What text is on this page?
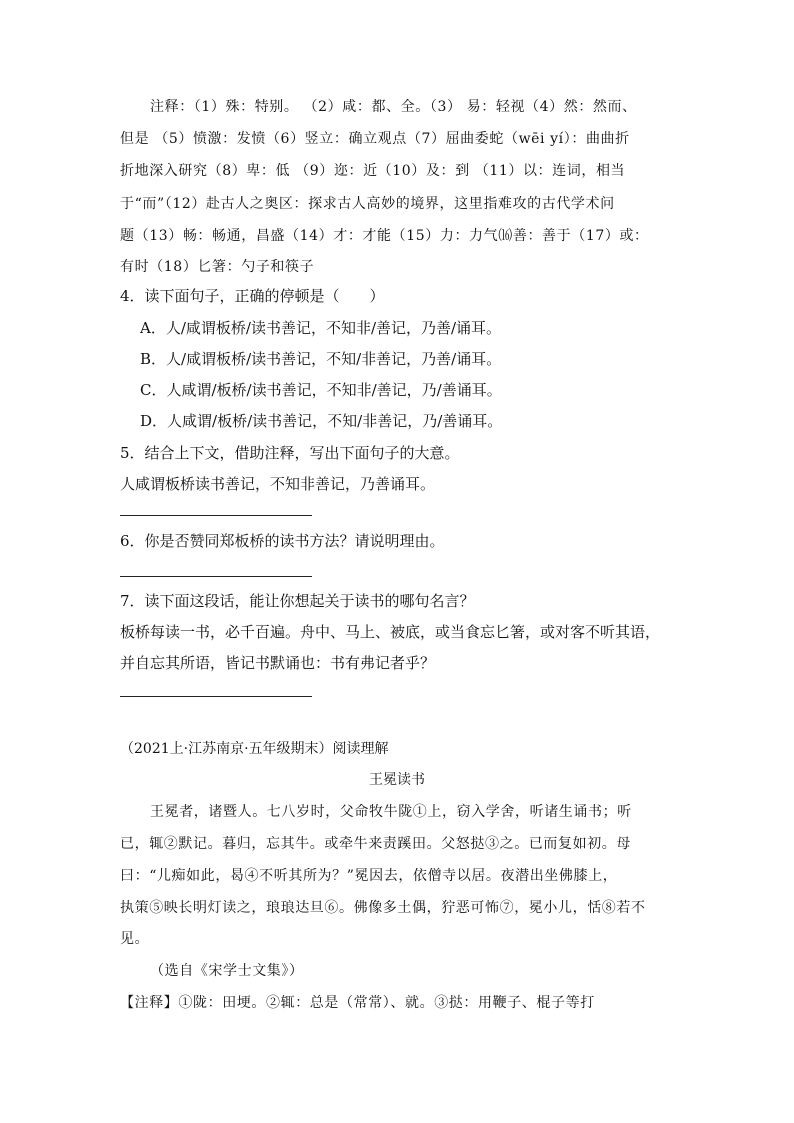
注释：（1）殊：特别。 （2）咸：都、全。（3） 易：轻视（4）然：然而、
但是 （5）愤激：发愤（6）竖立：确立观点（7）屈曲委蛇（wēi yí）：曲曲折
折地深入研究（8）卑：低 （9）迩：近（10）及：到 （11）以：连词，相当
于“而”（12）赴古人之奥区：探求古人高妙的境界，这里指难攻的古代学术问
题（13）畅：畅通，昌盛（14）才：才能（15）力：力气⒃善：善于（17）或：
有时（18）匕箸：勺子和筷子
4．读下面句子，正确的停顿是（　　）
A．人/咸谓板桥/读书善记，不知非/善记，乃善/诵耳。
B．人/咸谓板桥/读书善记，不知/非善记，乃善/诵耳。
C．人咸谓/板桥/读书善记，不知非/善记，乃/善诵耳。
D．人咸谓/板桥/读书善记，不知/非善记，乃/善诵耳。
5．结合上下文，借助注释，写出下面句子的大意。
人咸谓板桥读书善记，不知非善记，乃善诵耳。
6．你是否赞同郑板桥的读书方法？请说明理由。
7．读下面这段话，能让你想起关于读书的哪句名言？
板桥每读一书，必千百遍。舟中、马上、被底，或当食忘匕箸，或对客不听其语，
并自忘其所语，皆记书默诵也：书有弗记者乎？
（2021上·江苏南京·五年级期末）阅读理解
王冕读书
王冕者，诸暨人。七八岁时，父命牧牛陇①上，窃入学舍，听诸生诵书；听
已，辄②默记。暮归，忘其牛。或牵牛来责蹊田。父怒挞③之。已而复如初。母
曰：“儿痴如此，曷④不听其所为？”冕因去，依僧寺以居。夜潜出坐佛膝上，
执策⑤映长明灯读之，琅琅达旦⑥。佛像多土偶，狞恶可怖⑦，冕小儿，恬⑧若不
见。
（选自《宋学士文集》）
【注释】①陇：田埂。②辄：总是（常常）、就。③挞：用鞭子、棍子等打
